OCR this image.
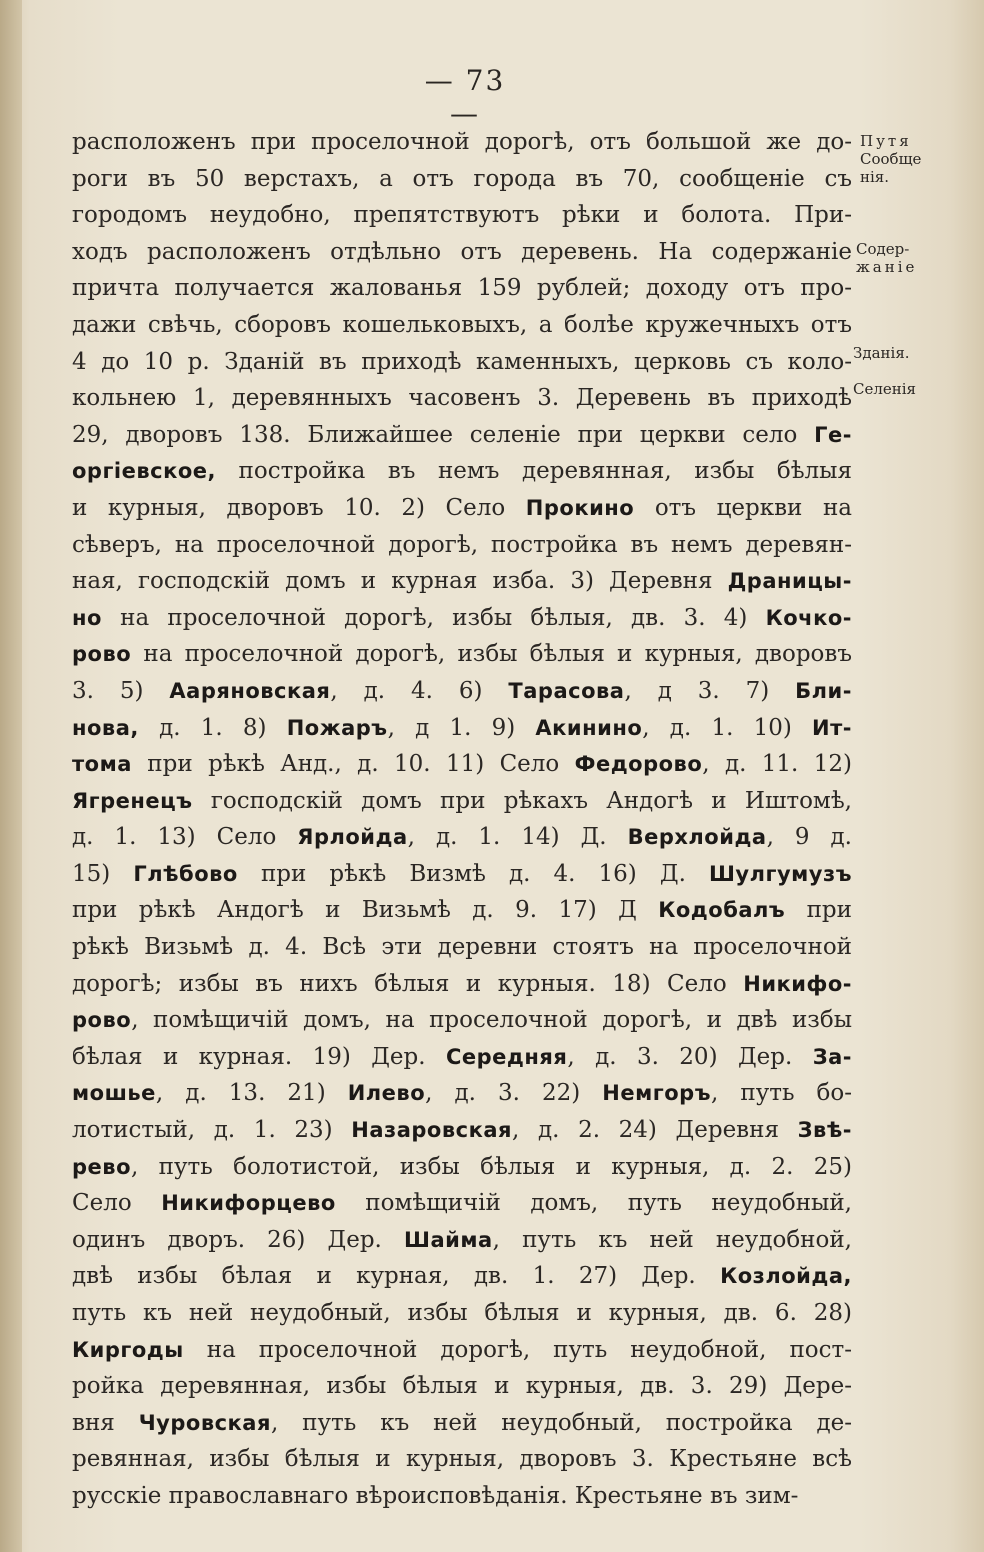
— 73 —
расположенъ при проселочной дорогѣ, отъ большой же до-
роги въ 50 верстахъ, а отъ города въ 70, сообщеніе съ
городомъ неудобно, препятствуютъ рѣки и болота. При-
ходъ расположенъ отдѣльно отъ деревень. На содержаніе
причта получается жалованья 159 рублей; доходу отъ про-
дажи свѣчь, сборовъ кошельковыхъ, а болѣе кружечныхъ отъ
4 до 10 р. Зданій въ приходѣ каменныхъ, церковь съ коло-
кольнею 1, деревянныхъ часовенъ 3. Деревень въ приходѣ
29, дворовъ 138. Ближайшее селеніе при церкви село Ге-
оргіевское, постройка въ немъ деревянная, избы бѣлыя
и курныя, дворовъ 10. 2) Село Прокино отъ церкви на
сѣверъ, на проселочной дорогѣ, постройка въ немъ деревян-
ная, господскій домъ и курная изба. 3) Деревня Драницы-
но на проселочной дорогѣ, избы бѣлыя, дв. 3. 4) Кочко-
рово на проселочной дорогѣ, избы бѣлыя и курныя, дворовъ
3. 5) Ааряновская, д. 4. 6) Тарасова, д 3. 7) Бли-
нова, д. 1. 8) Пожаръ, д 1. 9) Акинино, д. 1. 10) Ит-
тома при рѣкѣ Анд., д. 10. 11) Село Федорово, д. 11. 12)
Ягренецъ господскій домъ при рѣкахъ Андогѣ и Иштомѣ,
д. 1. 13) Село Ярлойда, д. 1. 14) Д. Верхлойда, 9 д.
15) Глѣбово при рѣкѣ Визмѣ д. 4. 16) Д. Шулгумузъ
при рѣкѣ Андогѣ и Визьмѣ д. 9. 17) Д Кодобалъ при
рѣкѣ Визьмѣ д. 4. Всѣ эти деревни стоятъ на проселочной
дорогѣ; избы въ нихъ бѣлыя и курныя. 18) Село Никифо-
рово, помѣщичій домъ, на проселочной дорогѣ, и двѣ избы
бѣлая и курная. 19) Дер. Середняя, д. 3. 20) Дер. За-
мошье, д. 13. 21) Илево, д. 3. 22) Немгоръ, путь бо-
лотистый, д. 1. 23) Назаровская, д. 2. 24) Деревня Звѣ-
рево, путь болотистой, избы бѣлыя и курныя, д. 2. 25)
Село Никифорцево помѣщичій домъ, путь неудобный,
одинъ дворъ. 26) Дер. Шайма, путь къ ней неудобной,
двѣ избы бѣлая и курная, дв. 1. 27) Дер. Козлойда,
путь къ ней неудобный, избы бѣлыя и курныя, дв. 6. 28)
Киргоды на проселочной дорогѣ, путь неудобной, пост-
ройка деревянная, избы бѣлыя и курныя, дв. 3. 29) Дере-
вня Чуровская, путь къ ней неудобный, постройка де-
ревянная, избы бѣлыя и курныя, дворовъ 3. Крестьяне всѣ
русскіе православнаго вѣроисповѣданія. Крестьяне въ зим-
Путя
Сообще
нія.
Содер-
жаніе
Зданія.
Селенія
